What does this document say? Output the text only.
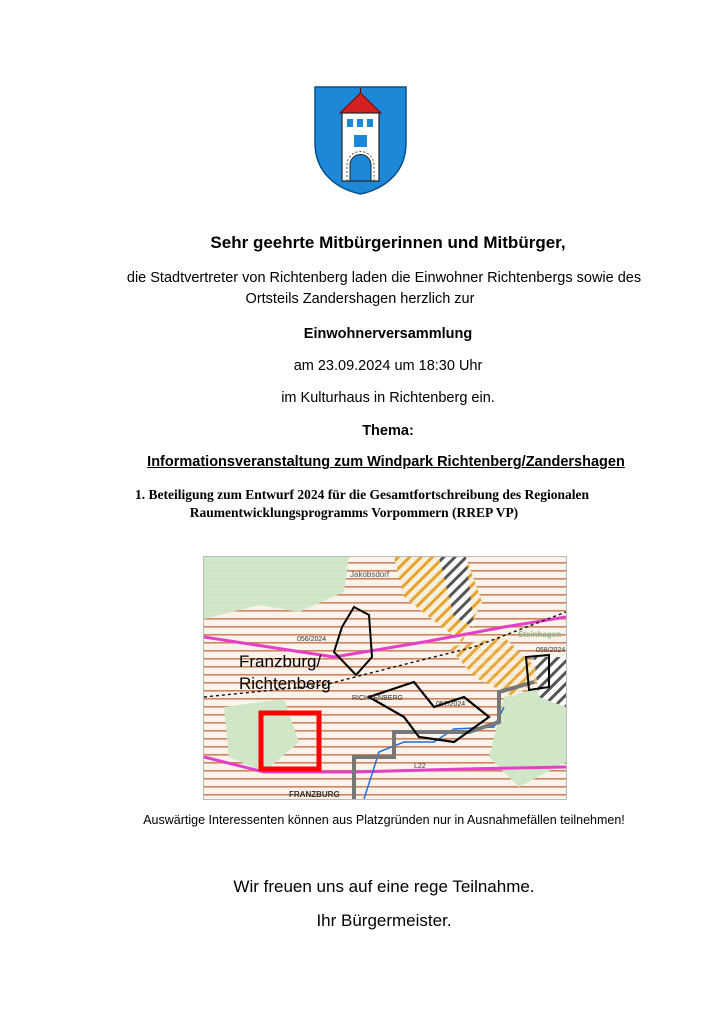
Sehr geehrte Mitbürgerinnen und Mitbürger,
die Stadtvertreter von Richtenberg laden die Einwohner Richtenbergs sowie des
Ortsteils Zandershagen herzlich zur
Einwohnerversammlung
am 23.09.2024 um 18:30 Uhr
im Kulturhaus in Richtenberg ein.
Thema:
Informationsveranstaltung zum Windpark Richtenberg/Zandershagen
1. Beteiligung zum Entwurf 2024 für die Gesamtfortschreibung des Regionalen
Raumentwicklungsprogramms Vorpommern (RREP VP)
Franzburg/
Richtenberg
Jakobsdorf
056/2024
057/2024
058/2024
Steinhagen
L22
FRANZBURG
RICHTENBERG
Auswärtige Interessenten können aus Platzgründen nur in Ausnahmefällen teilnehmen!
Wir freuen uns auf eine rege Teilnahme.
Ihr Bürgermeister.
